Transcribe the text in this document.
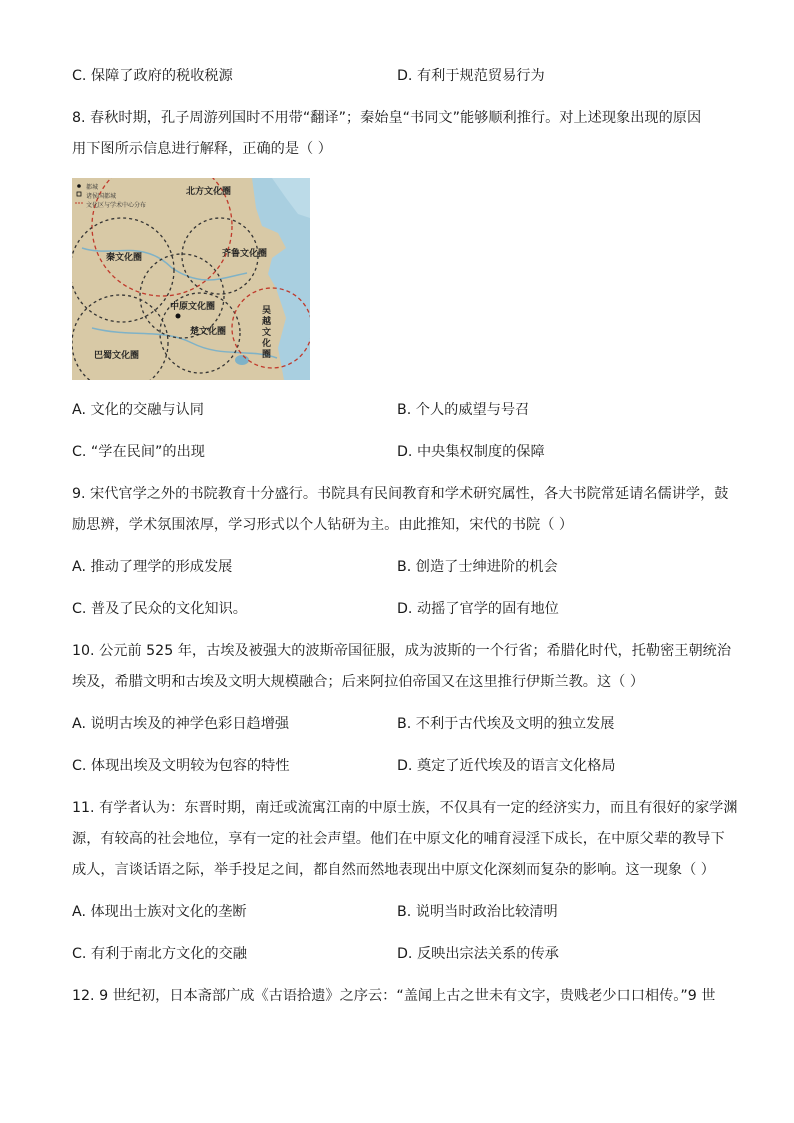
C. 保障了政府的税收税源	D. 有利于规范贸易行为
8. 春秋时期，孔子周游列国时不用带“翻译”；秦始皇“书同文”能够顺利推行。对上述现象出现的原因
用下图所示信息进行解释，正确的是（ ）
都城
诸侯国都城
文化区与学术中心分布
北方文化圈
秦文化圈	齐鲁文化圈
中原文化圈
楚文化圈
巴蜀文化圈
吴越文化圈
A. 文化的交融与认同	B. 个人的威望与号召
C. “学在民间”的出现	D. 中央集权制度的保障
9. 宋代官学之外的书院教育十分盛行。书院具有民间教育和学术研究属性，各大书院常延请名儒讲学，鼓
励思辨，学术氛围浓厚，学习形式以个人钻研为主。由此推知，宋代的书院（ ）
A. 推动了理学的形成发展	B. 创造了士绅进阶的机会
C. 普及了民众的文化知识。	D. 动摇了官学的固有地位
10. 公元前 525 年，古埃及被强大的波斯帝国征服，成为波斯的一个行省；希腊化时代，托勒密王朝统治
埃及，希腊文明和古埃及文明大规模融合；后来阿拉伯帝国又在这里推行伊斯兰教。这（ ）
A. 说明古埃及的神学色彩日趋增强	B. 不利于古代埃及文明的独立发展
C. 体现出埃及文明较为包容的特性	D. 奠定了近代埃及的语言文化格局
11. 有学者认为：东晋时期，南迁或流寓江南的中原士族，不仅具有一定的经济实力，而且有很好的家学渊
源，有较高的社会地位，享有一定的社会声望。他们在中原文化的哺育浸淫下成长，在中原父辈的教导下
成人，言谈话语之际，举手投足之间，都自然而然地表现出中原文化深刻而复杂的影响。这一现象（ ）
A. 体现出士族对文化的垄断	B. 说明当时政治比较清明
C. 有利于南北方文化的交融	D. 反映出宗法关系的传承
12. 9 世纪初，日本斋部广成《古语拾遗》之序云：“盖闻上古之世未有文字，贵贱老少口口相传。”9 世
